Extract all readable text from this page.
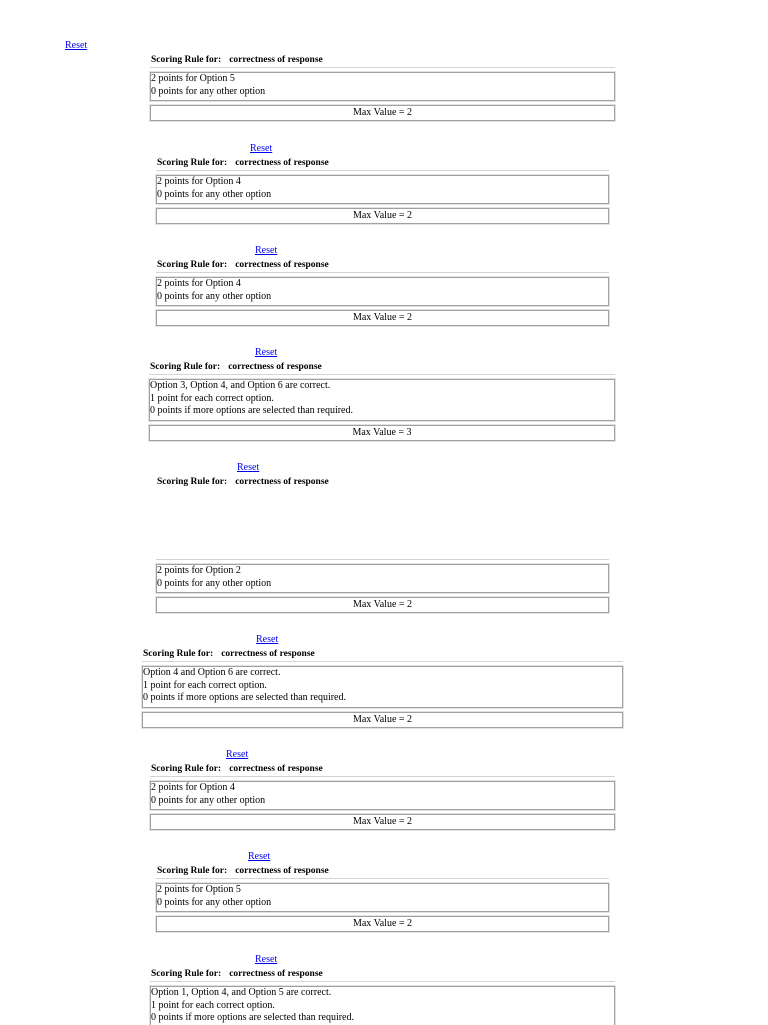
Reset
Scoring Rule for: correctness of response
2 points for Option 5
0 points for any other option
Max Value = 2
Reset
Scoring Rule for: correctness of response
2 points for Option 4
0 points for any other option
Max Value = 2
Reset
Scoring Rule for: correctness of response
2 points for Option 4
0 points for any other option
Max Value = 2
Reset
Scoring Rule for: correctness of response
Option 3, Option 4, and Option 6 are correct.
1 point for each correct option.
0 points if more options are selected than required.
Max Value = 3
Reset
Scoring Rule for: correctness of response
2 points for Option 2
0 points for any other option
Max Value = 2
Reset
Scoring Rule for: correctness of response
Option 4 and Option 6 are correct.
1 point for each correct option.
0 points if more options are selected than required.
Max Value = 2
Reset
Scoring Rule for: correctness of response
2 points for Option 4
0 points for any other option
Max Value = 2
Reset
Scoring Rule for: correctness of response
2 points for Option 5
0 points for any other option
Max Value = 2
Reset
Scoring Rule for: correctness of response
Option 1, Option 4, and Option 5 are correct.
1 point for each correct option.
0 points if more options are selected than required.
